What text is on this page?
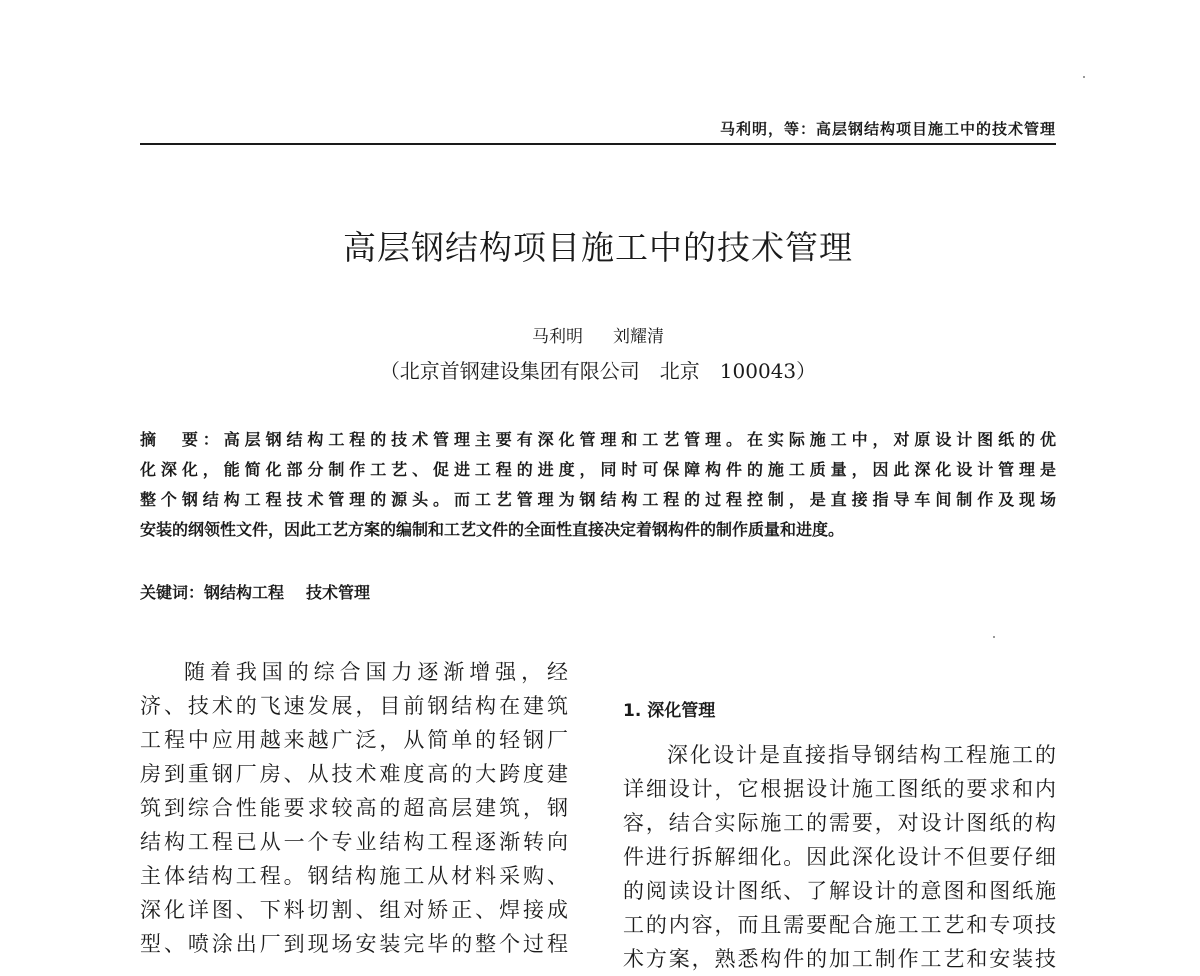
马利明，等：高层钢结构项目施工中的技术管理
高层钢结构项目施工中的技术管理
马利明 刘耀清
（北京首钢建设集团有限公司　北京　100043）
摘　要：高层钢结构工程的技术管理主要有深化管理和工艺管理。在实际施工中，对原设计图纸的优
化深化，能简化部分制作工艺、促进工程的进度，同时可保障构件的施工质量，因此深化设计管理是
整个钢结构工程技术管理的源头。而工艺管理为钢结构工程的过程控制，是直接指导车间制作及现场
安装的纲领性文件，因此工艺方案的编制和工艺文件的全面性直接决定着钢构件的制作质量和进度。
关键词：钢结构工程 技术管理
随着我国的综合国力逐渐增强，经
济、技术的飞速发展，目前钢结构在建筑
工程中应用越来越广泛，从简单的轻钢厂
房到重钢厂房、从技术难度高的大跨度建
筑到综合性能要求较高的超高层建筑，钢
结构工程已从一个专业结构工程逐渐转向
主体结构工程。钢结构施工从材料采购、
深化详图、下料切割、组对矫正、焊接成
型、喷涂出厂到现场安装完毕的整个过程
1. 深化管理
深化设计是直接指导钢结构工程施工的
详细设计，它根据设计施工图纸的要求和内
容，结合实际施工的需要，对设计图纸的构
件进行拆解细化。因此深化设计不但要仔细
的阅读设计图纸、了解设计的意图和图纸施
工的内容，而且需要配合施工工艺和专项技
术方案，熟悉构件的加工制作工艺和安装技
